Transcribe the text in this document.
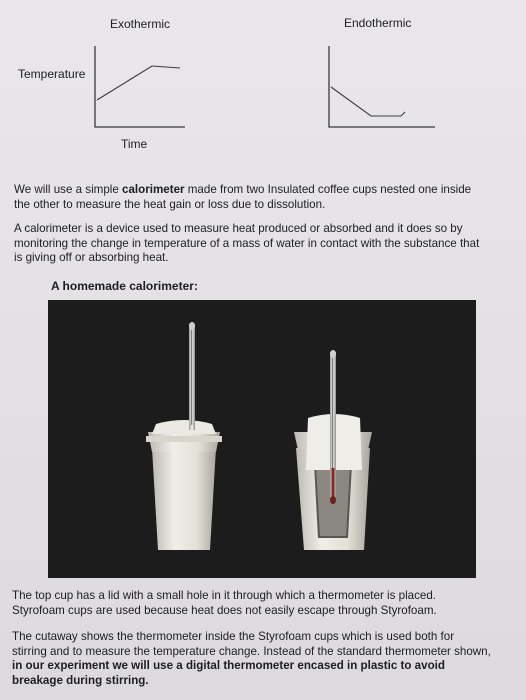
Exothermic	Endothermic
Temperature
Time
We will use a simple calorimeter made from two Insulated coffee cups nested one inside the other to measure the heat gain or loss due to dissolution.
A calorimeter is a device used to measure heat produced or absorbed and it does so by monitoring the change in temperature of a mass of water in contact with the substance that is giving off or absorbing heat.
A homemade calorimeter:
The top cup has a lid with a small hole in it through which a thermometer is placed. Styrofoam cups are used because heat does not easily escape through Styrofoam.
The cutaway shows the thermometer inside the Styrofoam cups which is used both for stirring and to measure the temperature change. Instead of the standard thermometer shown, in our experiment we will use a digital thermometer encased in plastic to avoid breakage during stirring.
